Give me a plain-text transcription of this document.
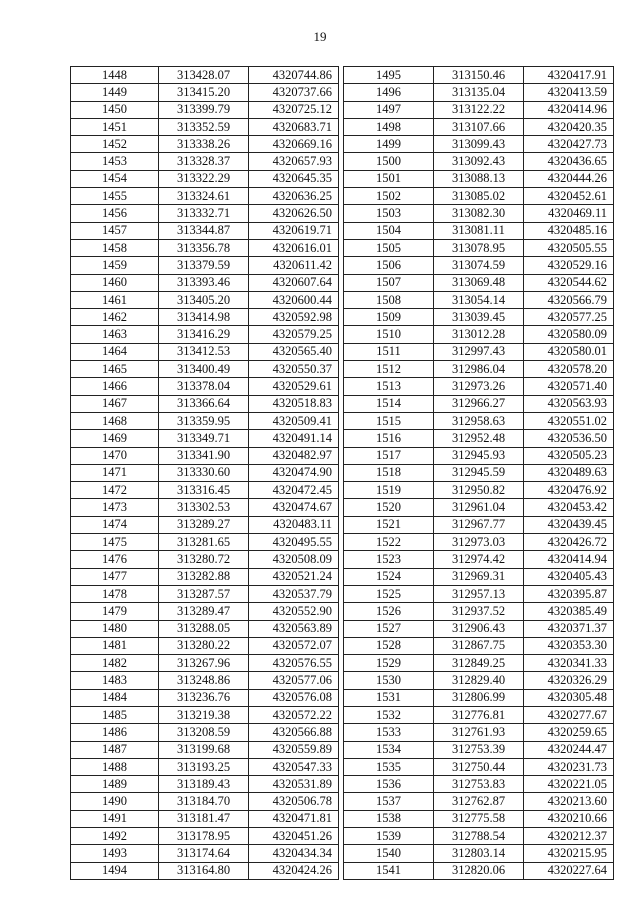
19
1448	313428.07	4320744.86
1449	313415.20	4320737.66
1450	313399.79	4320725.12
1451	313352.59	4320683.71
1452	313338.26	4320669.16
1453	313328.37	4320657.93
1454	313322.29	4320645.35
1455	313324.61	4320636.25
1456	313332.71	4320626.50
1457	313344.87	4320619.71
1458	313356.78	4320616.01
1459	313379.59	4320611.42
1460	313393.46	4320607.64
1461	313405.20	4320600.44
1462	313414.98	4320592.98
1463	313416.29	4320579.25
1464	313412.53	4320565.40
1465	313400.49	4320550.37
1466	313378.04	4320529.61
1467	313366.64	4320518.83
1468	313359.95	4320509.41
1469	313349.71	4320491.14
1470	313341.90	4320482.97
1471	313330.60	4320474.90
1472	313316.45	4320472.45
1473	313302.53	4320474.67
1474	313289.27	4320483.11
1475	313281.65	4320495.55
1476	313280.72	4320508.09
1477	313282.88	4320521.24
1478	313287.57	4320537.79
1479	313289.47	4320552.90
1480	313288.05	4320563.89
1481	313280.22	4320572.07
1482	313267.96	4320576.55
1483	313248.86	4320577.06
1484	313236.76	4320576.08
1485	313219.38	4320572.22
1486	313208.59	4320566.88
1487	313199.68	4320559.89
1488	313193.25	4320547.33
1489	313189.43	4320531.89
1490	313184.70	4320506.78
1491	313181.47	4320471.81
1492	313178.95	4320451.26
1493	313174.64	4320434.34
1494	313164.80	4320424.26
1495	313150.46	4320417.91
1496	313135.04	4320413.59
1497	313122.22	4320414.96
1498	313107.66	4320420.35
1499	313099.43	4320427.73
1500	313092.43	4320436.65
1501	313088.13	4320444.26
1502	313085.02	4320452.61
1503	313082.30	4320469.11
1504	313081.11	4320485.16
1505	313078.95	4320505.55
1506	313074.59	4320529.16
1507	313069.48	4320544.62
1508	313054.14	4320566.79
1509	313039.45	4320577.25
1510	313012.28	4320580.09
1511	312997.43	4320580.01
1512	312986.04	4320578.20
1513	312973.26	4320571.40
1514	312966.27	4320563.93
1515	312958.63	4320551.02
1516	312952.48	4320536.50
1517	312945.93	4320505.23
1518	312945.59	4320489.63
1519	312950.82	4320476.92
1520	312961.04	4320453.42
1521	312967.77	4320439.45
1522	312973.03	4320426.72
1523	312974.42	4320414.94
1524	312969.31	4320405.43
1525	312957.13	4320395.87
1526	312937.52	4320385.49
1527	312906.43	4320371.37
1528	312867.75	4320353.30
1529	312849.25	4320341.33
1530	312829.40	4320326.29
1531	312806.99	4320305.48
1532	312776.81	4320277.67
1533	312761.93	4320259.65
1534	312753.39	4320244.47
1535	312750.44	4320231.73
1536	312753.83	4320221.05
1537	312762.87	4320213.60
1538	312775.58	4320210.66
1539	312788.54	4320212.37
1540	312803.14	4320215.95
1541	312820.06	4320227.64
